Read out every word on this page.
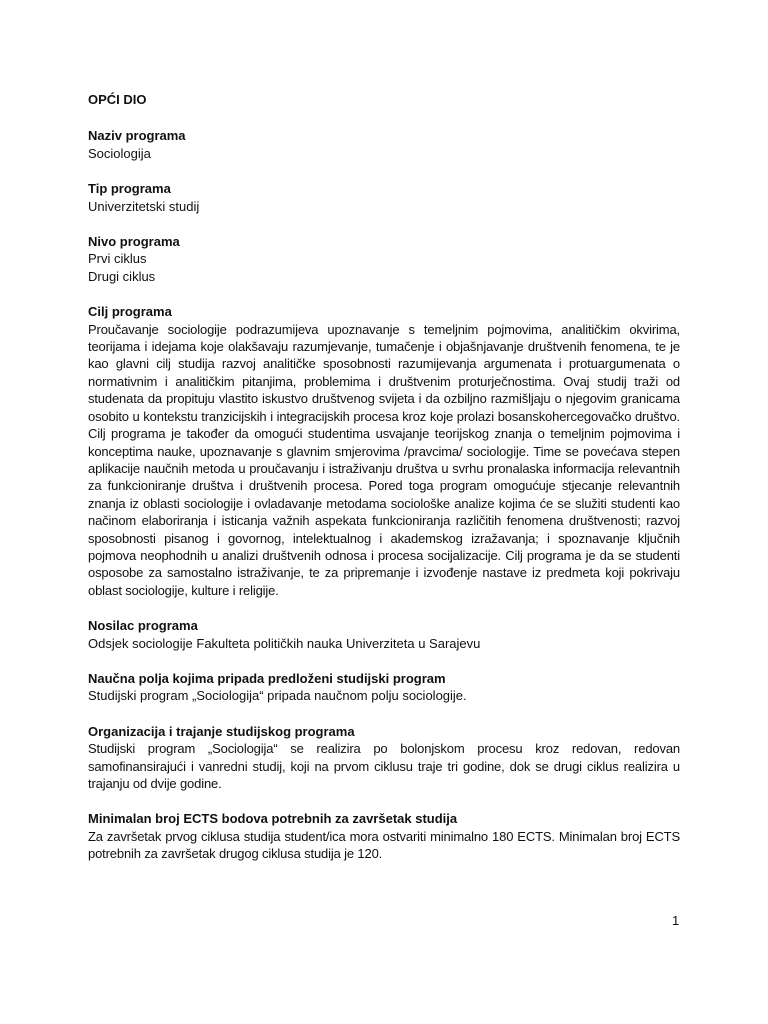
OPĆI DIO

Naziv programa

Sociologija

Tip programa

Univerzitetski studij

Nivo programa

Prvi ciklus

Drugi ciklus

Cilj programa

Proučavanje sociologije podrazumijeva upoznavanje s temeljnim pojmovima, analitičkim okvirima, teorijama i idejama koje olakšavaju razumjevanje, tumačenje i objašnjavanje društvenih fenomena, te je kao glavni cilj studija razvoj analitičke sposobnosti razumijevanja argumenata i protuargumenata o normativnim i analitičkim pitanjima, problemima i društvenim proturječnostima. Ovaj studij traži od studenata da propituju vlastito iskustvo društvenog svijeta i da ozbiljno razmišljaju o njegovim granicama osobito u kontekstu tranzicijskih i integracijskih procesa kroz koje prolazi bosanskohercegovačko društvo. Cilj programa je također da omogući studentima usvajanje teorijskog znanja o temeljnim pojmovima i konceptima nauke, upoznavanje s glavnim smjerovima /pravcima/ sociologije. Time se povećava stepen aplikacije naučnih metoda u proučavanju i istraživanju društva u svrhu pronalaska informacija relevantnih za funkcioniranje društva i društvenih procesa. Pored toga program omogućuje stjecanje relevantnih znanja iz oblasti sociologije i ovladavanje metodama sociološke analize kojima će se služiti studenti kao načinom elaboriranja i isticanja važnih aspekata funkcioniranja različitih fenomena društvenosti; razvoj sposobnosti pisanog i govornog, intelektualnog i akademskog izražavanja; i spoznavanje ključnih pojmova neophodnih u analizi društvenih odnosa i procesa socijalizacije. Cilj programa je da se studenti osposobe za samostalno istraživanje, te za pripremanje i izvođenje nastave iz predmeta koji pokrivaju oblast sociologije, kulture i religije.

Nosilac programa

Odsjek sociologije Fakulteta političkih nauka Univerziteta u Sarajevu

Naučna polja kojima pripada predloženi studijski program

Studijski program „Sociologija“ pripada naučnom polju sociologije.

Organizacija i trajanje studijskog programa

Studijski program „Sociologija“ se realizira po bolonjskom procesu kroz redovan, redovan samofinansirajući i vanredni studij, koji na prvom ciklusu traje tri godine, dok se drugi ciklus realizira u trajanju od dvije godine.

Minimalan broj ECTS bodova potrebnih za završetak studija

Za završetak prvog ciklusa studija student/ica mora ostvariti minimalno 180 ECTS. Minimalan broj ECTS potrebnih za završetak drugog ciklusa studija je 120.

1
